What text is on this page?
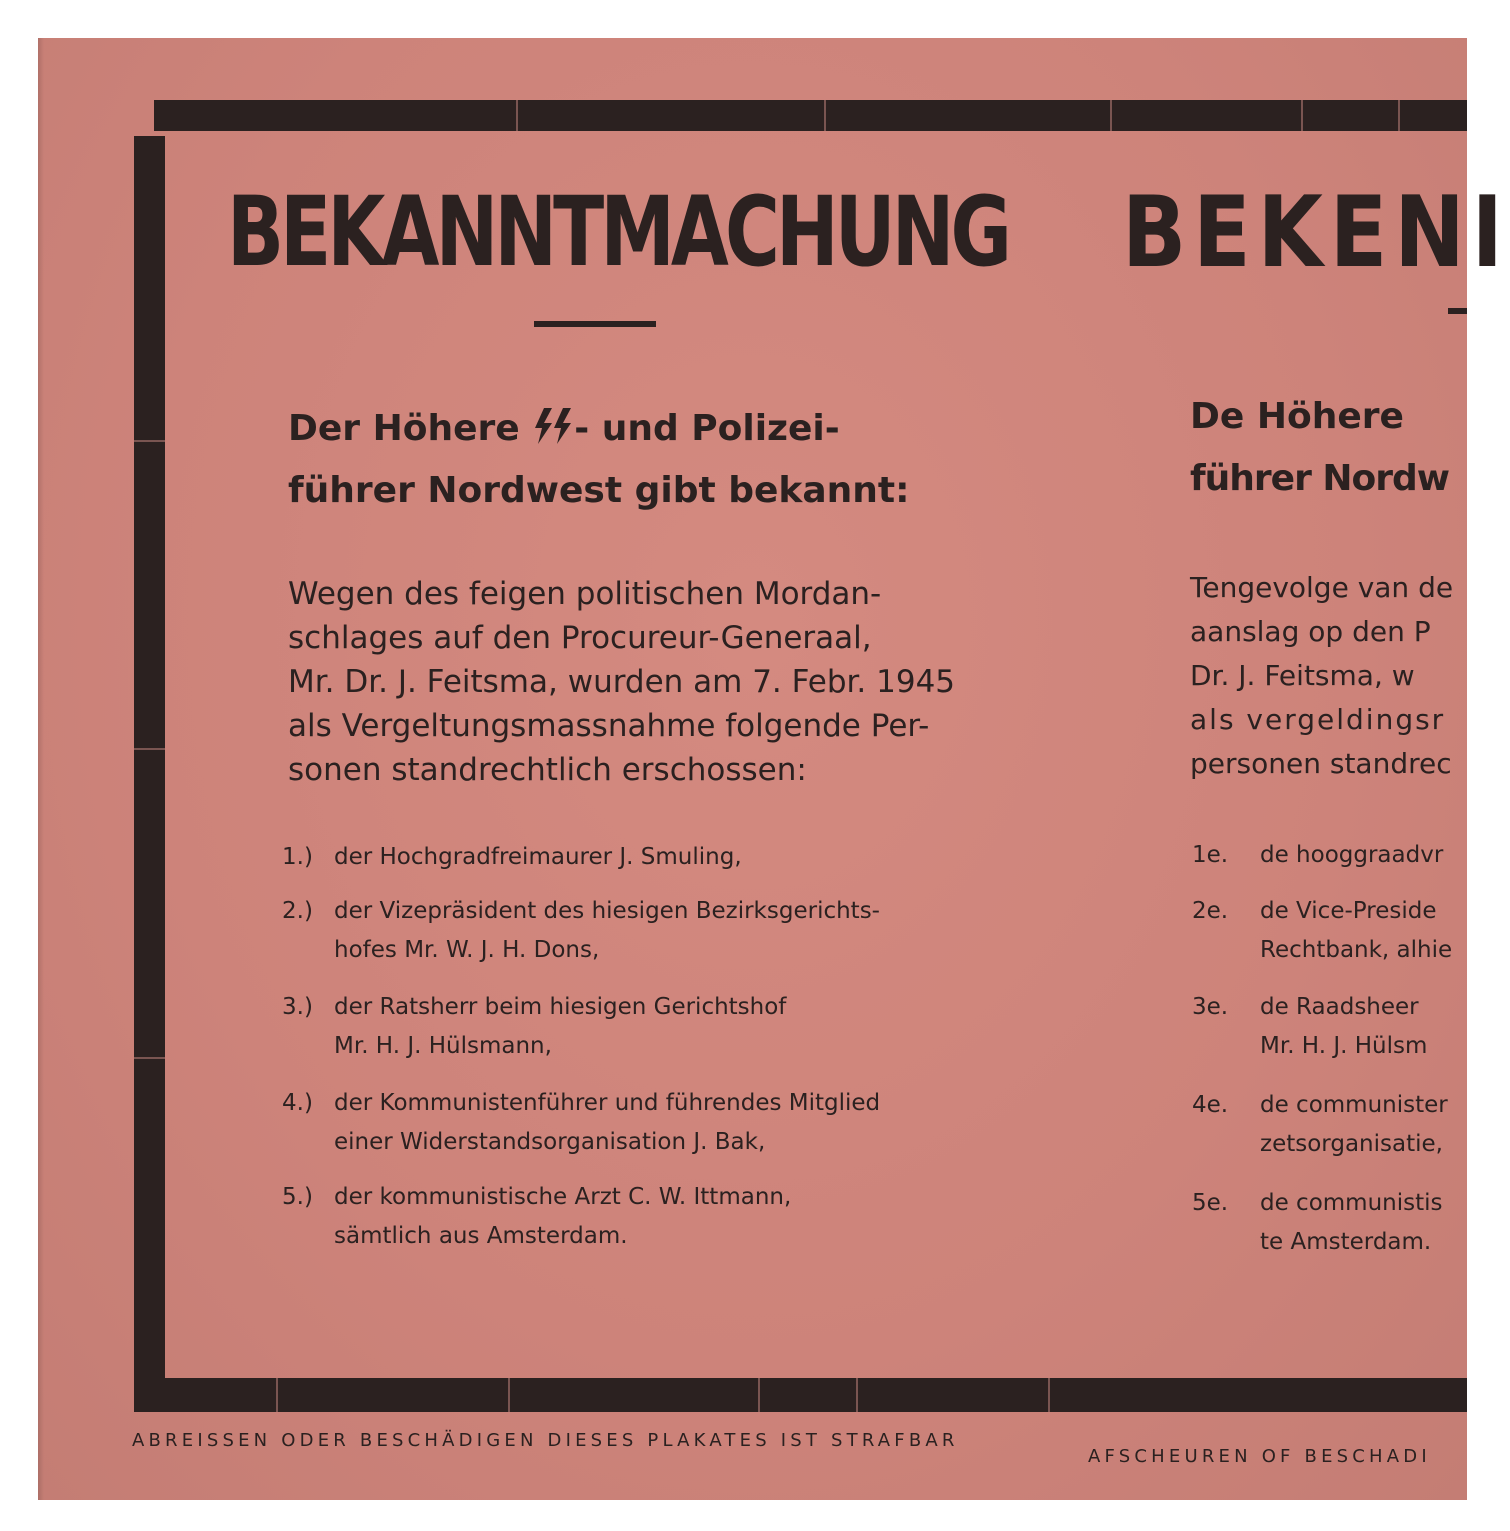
BEKANNTMACHUNG
Der Höhere - und Polizei-
führer Nordwest gibt bekannt:
Wegen des feigen politischen Mordan-
schlages auf den Procureur-Generaal,
Mr. Dr. J. Feitsma, wurden am 7. Febr. 1945
als Vergeltungsmassnahme folgende Per-
sonen standrechtlich erschossen:
1.) der Hochgradfreimaurer J. Smuling,
2.) der Vizepräsident des hiesigen Bezirksgerichts-
hofes Mr. W. J. H. Dons,
3.) der Ratsherr beim hiesigen Gerichtshof
Mr. H. J. Hülsmann,
4.) der Kommunistenführer und führendes Mitglied
einer Widerstandsorganisation J. Bak,
5.) der kommunistische Arzt C. W. Ittmann,
sämtlich aus Amsterdam.

ABREISSEN ODER BESCHÄDIGEN DIESES PLAKATES IST STRAFBAR

BEKENI
De Höhere
führer Nordw
Tengevolge van de
aanslag op den P
Dr. J. Feitsma, w
als vergeldingsr
personen standrec
1e. de hooggraadvr
2e. de Vice-Preside
Rechtbank, alhie
3e. de Raadsheer
Mr. H. J. Hülsm
4e. de communister
zetsorganisatie,
5e. de communistis
te Amsterdam.

AFSCHEUREN OF BESCHADI
